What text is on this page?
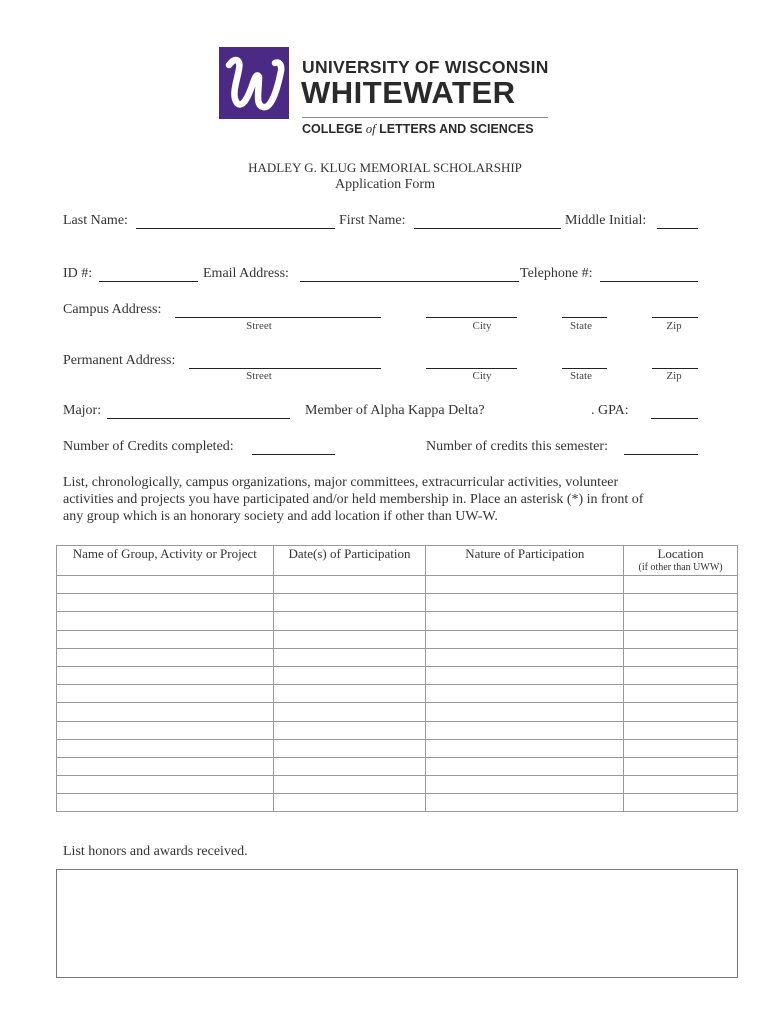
UNIVERSITY OF WISCONSIN
WHITEWATER
COLLEGE of LETTERS AND SCIENCES
HADLEY G. KLUG MEMORIAL SCHOLARSHIP
Application Form
Last Name:	First Name:	Middle Initial:
ID #:	Email Address:	Telephone #:
Campus Address:
Street	City	State	Zip
Permanent Address:
Street	City	State	Zip
Major:	Member of Alpha Kappa Delta?	. GPA:
Number of Credits completed:	Number of credits this semester:
List, chronologically, campus organizations, major committees, extracurricular activities, volunteer
activities and projects you have participated and/or held membership in. Place an asterisk (*) in front of
any group which is an honorary society and add location if other than UW-W.
Name of Group, Activity or Project	Date(s) of Participation	Nature of Participation	Location
(if other than UWW)

List honors and awards received.
